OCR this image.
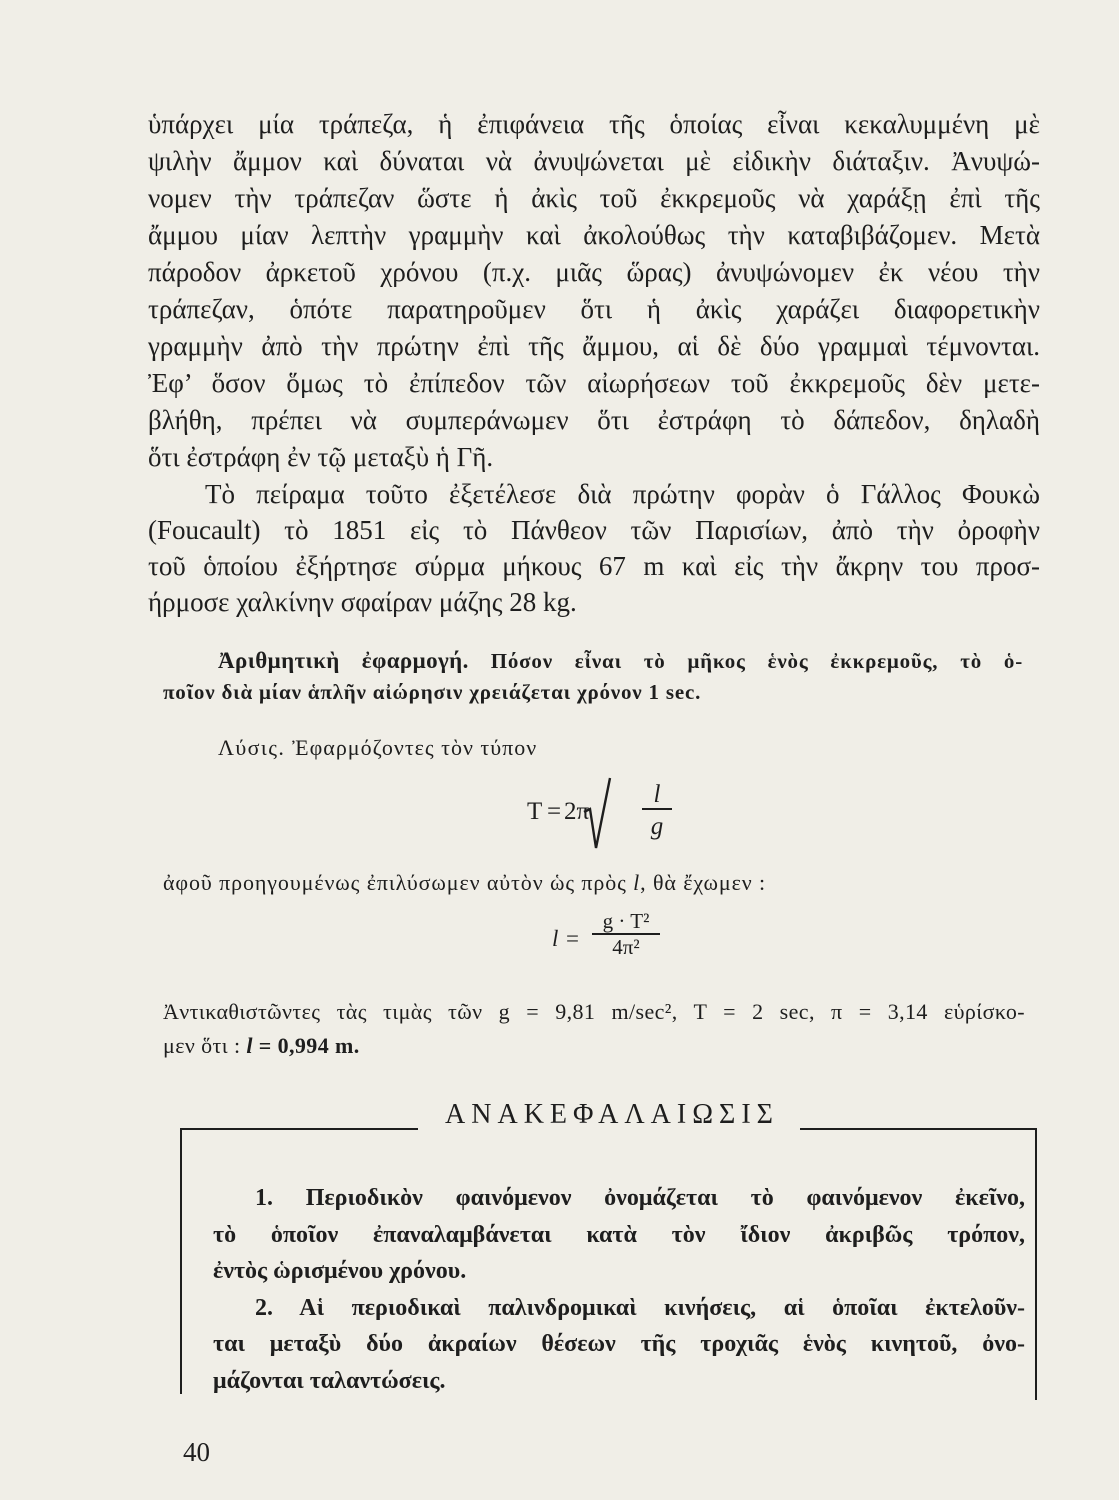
ὑπάρχει μία τράπεζα, ἡ ἐπιφάνεια τῆς ὁποίας εἶναι κεκαλυμμένη μὲ
ψιλὴν ἄμμον καὶ δύναται νὰ ἀνυψώνεται μὲ εἰδικὴν διάταξιν. Ἀνυψώ-
νομεν τὴν τράπεζαν ὥστε ἡ ἀκὶς τοῦ ἐκκρεμοῦς νὰ χαράξῃ ἐπὶ τῆς
ἄμμου μίαν λεπτὴν γραμμὴν καὶ ἀκολούθως τὴν καταβιβάζομεν. Μετὰ
πάροδον ἀρκετοῦ χρόνου (π.χ. μιᾶς ὥρας) ἀνυψώνομεν ἐκ νέου τὴν
τράπεζαν, ὁπότε παρατηροῦμεν ὅτι ἡ ἀκὶς χαράζει διαφορετικὴν
γραμμὴν ἀπὸ τὴν πρώτην ἐπὶ τῆς ἄμμου, αἱ δὲ δύο γραμμαὶ τέμνονται.
Ἐφ’ ὅσον ὅμως τὸ ἐπίπεδον τῶν αἰωρήσεων τοῦ ἐκκρεμοῦς δὲν μετε-
βλήθη, πρέπει νὰ συμπεράνωμεν ὅτι ἐστράφη τὸ δάπεδον, δηλαδὴ
ὅτι ἐστράφη ἐν τῷ μεταξὺ ἡ Γῆ.
Τὸ πείραμα τοῦτο ἐξετέλεσε διὰ πρώτην φορὰν ὁ Γάλλος Φουκὼ
(Foucault) τὸ 1851 εἰς τὸ Πάνθεον τῶν Παρισίων, ἀπὸ τὴν ὀροφὴν
τοῦ ὁποίου ἐξήρτησε σύρμα μήκους 67 m καὶ εἰς τὴν ἄκρην του προσ-
ήρμοσε χαλκίνην σφαίραν μάζης 28 kg.
Ἀριθμητικὴ ἐφαρμογή. Πόσον εἶναι τὸ μῆκος ἑνὸς ἐκκρεμοῦς, τὸ ὁ-
ποῖον διὰ μίαν ἁπλῆν αἰώρησιν χρειάζεται χρόνον 1 sec.
Λύσις. Ἐφαρμόζοντες τὸν τύπον
T = 2π
l
g
ἀφοῦ προηγουμένως ἐπιλύσωμεν αὐτὸν ὡς πρὸς l, θὰ ἔχωμεν :
l =
g · T²
4π²
Ἀντικαθιστῶντες τὰς τιμὰς τῶν g = 9,81 m/sec², T = 2 sec, π = 3,14 εὑρίσκο-
μεν ὅτι : l = 0,994 m.
ΑΝΑΚΕΦΑΛΑΙΩΣΙΣ
1. Περιοδικὸν φαινόμενον ὀνομάζεται τὸ φαινόμενον ἐκεῖνο,
τὸ ὁποῖον ἐπαναλαμβάνεται κατὰ τὸν ἴδιον ἀκριβῶς τρόπον,
ἐντὸς ὡρισμένου χρόνου.
2. Αἱ περιοδικαὶ παλινδρομικαὶ κινήσεις, αἱ ὁποῖαι ἐκτελοῦν-
ται μεταξὺ δύο ἀκραίων θέσεων τῆς τροχιᾶς ἑνὸς κινητοῦ, ὀνο-
μάζονται ταλαντώσεις.
40
